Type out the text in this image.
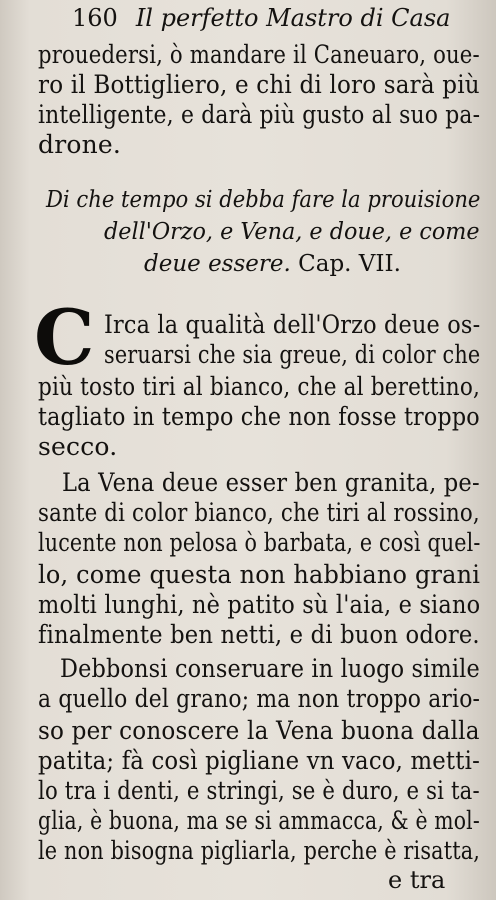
160 Il perfetto Mastro di Casa
prouedersi, ò mandare il Caneuaro, oue-
ro il Bottigliero, e chi di loro sarà più
intelligente, e darà più gusto al suo pa-
drone.
Di che tempo si debba fare la prouisione
dell'Orzo, e Vena, e doue, e come
deue essere. Cap. VII.
C Irca la qualità dell'Orzo deue os-
seruarsi che sia greue, di color che
più tosto tiri al bianco, che al berettino,
tagliato in tempo che non fosse troppo
secco.
La Vena deue esser ben granita, pe-
sante di color bianco, che tiri al rossino,
lucente non pelosa ò barbata, e così quel-
lo, come questa non habbiano grani
molti lunghi, nè patito sù l'aia, e siano
finalmente ben netti, e di buon odore.
Debbonsi conseruare in luogo simile
a quello del grano; ma non troppo ario-
so per conoscere la Vena buona dalla
patita; fà così pigliane vn vaco, metti-
lo tra i denti, e stringi, se è duro, e si ta-
glia, è buona, ma se si ammacca, & è mol-
le non bisogna pigliarla, perche è risatta,
e tra
